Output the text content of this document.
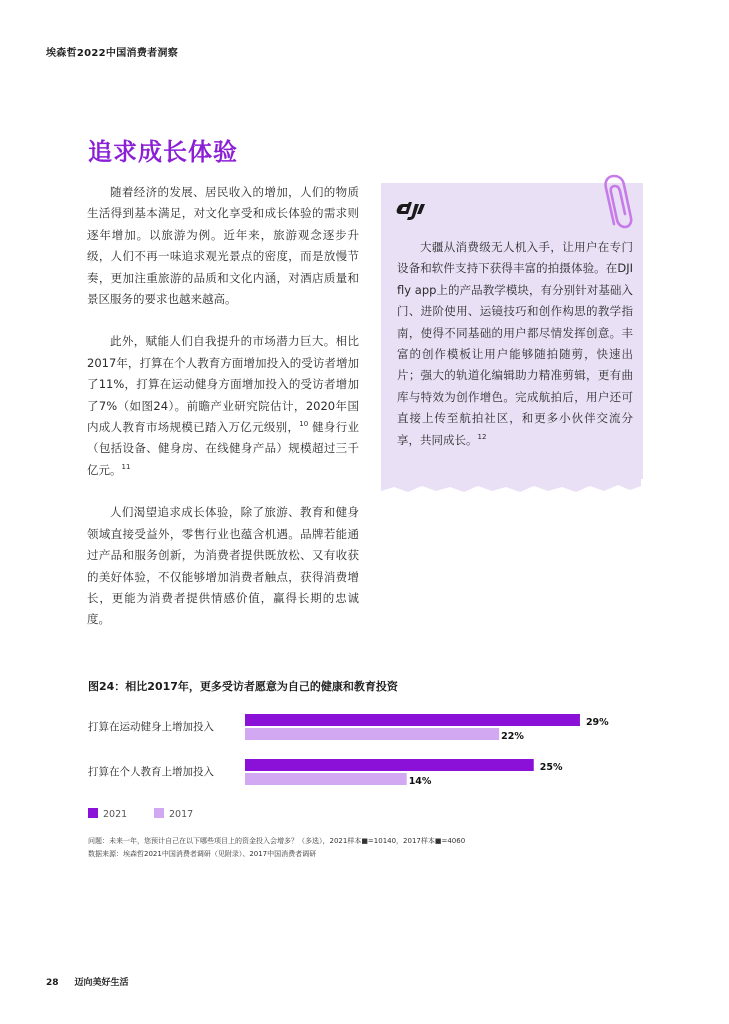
埃森哲2022中国消费者洞察
追求成长体验

随着经济的发展、居民收入的增加，人们的物质生活得到基本满足，对文化享受和成长体验的需求则逐年增加。以旅游为例。近年来，旅游观念逐步升级，人们不再一味追求观光景点的密度，而是放慢节奏，更加注重旅游的品质和文化内涵，对酒店质量和景区服务的要求也越来越高。

此外，赋能人们自我提升的市场潜力巨大。相比2017年，打算在个人教育方面增加投入的受访者增加了11%，打算在运动健身方面增加投入的受访者增加了7%（如图24）。前瞻产业研究院估计，2020年国内成人教育市场规模已踏入万亿元级别，$^{10}$ 健身行业（包括设备、健身房、在线健身产品）规模超过三千亿元。$^{11}$

人们渴望追求成长体验，除了旅游、教育和健身领域直接受益外，零售行业也蕴含机遇。品牌若能通过产品和服务创新，为消费者提供既放松、又有收获的美好体验，不仅能够增加消费者触点，获得消费增长，更能为消费者提供情感价值，赢得长期的忠诚度。

大疆从消费级无人机入手，让用户在专门设备和软件支持下获得丰富的拍摄体验。在DJI fly app上的产品教学模块，有分别针对基础入门、进阶使用、运镜技巧和创作构思的教学指南，使得不同基础的用户都尽情发挥创意。丰富的创作模板让用户能够随拍随剪，快速出片；强大的轨道化编辑助力精准剪辑，更有曲库与特效为创作增色。完成航拍后，用户还可直接上传至航拍社区，和更多小伙伴交流分享，共同成长。$^{12}$

图24：相比2017年，更多受访者愿意为自己的健康和教育投资
打算在运动健身上增加投入	29%
22%
打算在个人教育上增加投入	25%
14%
2021	2017
问题：未来一年，您预计自己在以下哪些项目上的资金投入会增多？（多选），2021样本■=10140，2017样本■=4060
数据来源：埃森哲2021中国消费者调研（见附录）、2017中国消费者调研
28 迈向美好生活
